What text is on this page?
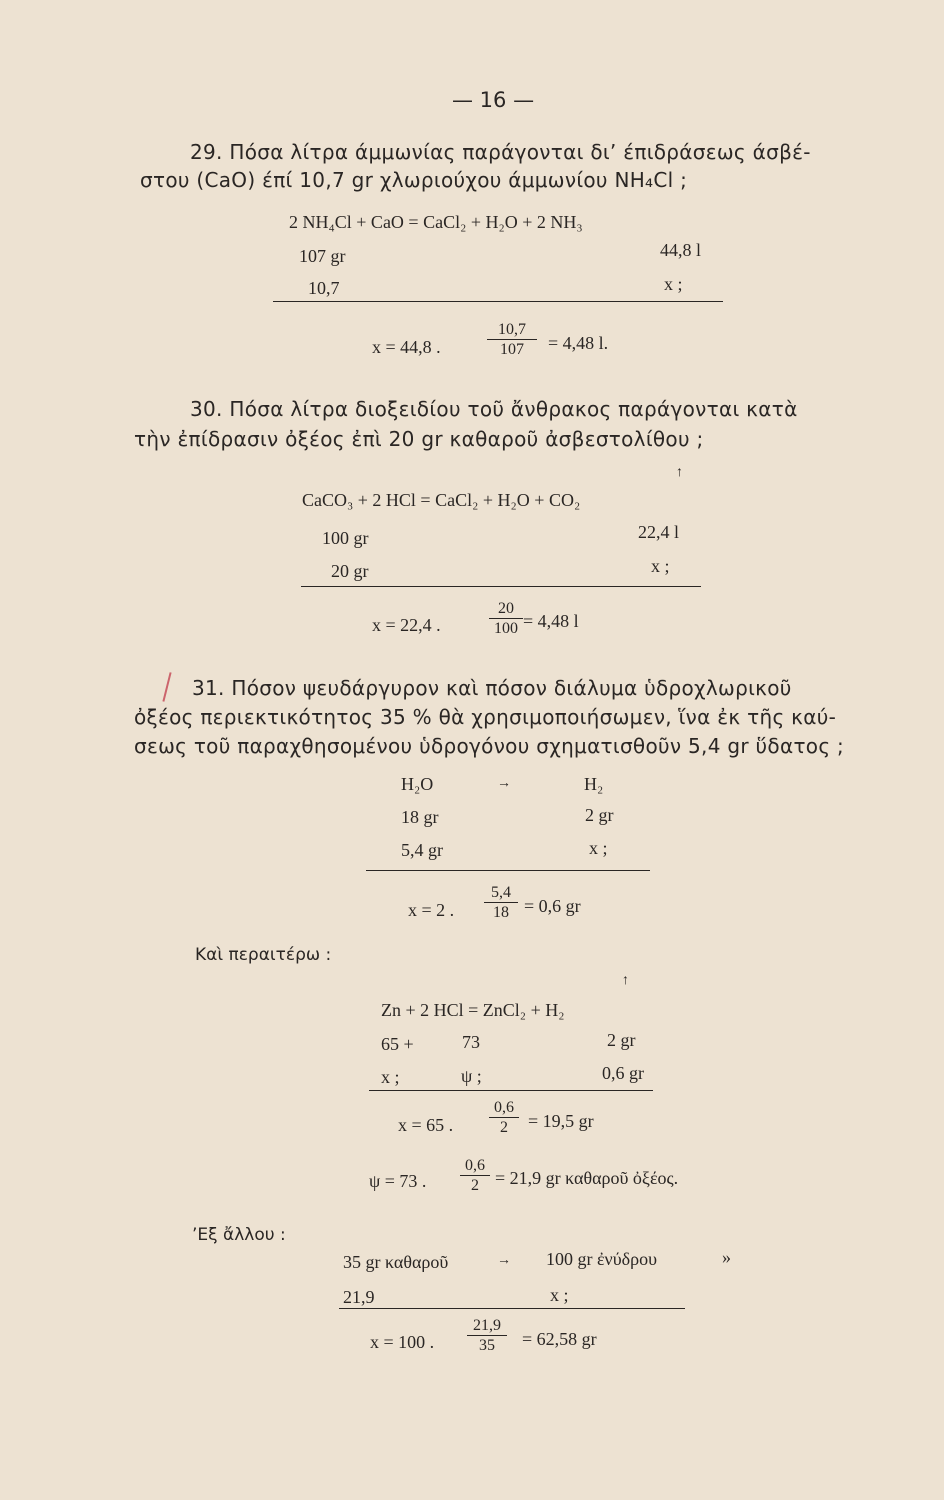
— 16 —
29. Πόσα λίτρα άμμωνίας παράγονται δι’ έπιδράσεως άσβέ-
στου (CaO) έπί 10,7 gr χλωριούχου άμμωνίου NH₄Cl ;
2 NH₄Cl + CaO = CaCl₂ + H₂O + 2 NH₃
107 gr	44,8 l
10,7	x ;
x = 44,8 .	$\frac{10,7}{107} = 4,48$ l.
30. Πόσα λίτρα διοξειδίου τοῦ ἄνθρακος παράγονται κατὰ
τὴν ἐπίδρασιν ὀξέος ἐπὶ 20 gr καθαροῦ ἀσβεστολίθου ;
↑
CaCO₃ + 2 HCl = CaCl₂ + H₂O + CO₂
100 gr	22,4 l
20 gr	x ;
x = 22,4 .	$\frac{20}{100} = 4,48$ l
31. Πόσον ψευδάργυρον καὶ πόσον διάλυμα ὑδροχλωρικοῦ
ὀξέος περιεκτικότητος 35 % θὰ χρησιμοποιήσωμεν, ἵνα ἐκ τῆς καύ-
σεως τοῦ παραχθησομένου ὑδρογόνου σχηματισθοῦν 5,4 gr ὕδατος ;
H₂O	→	H₂
18 gr	2 gr
5,4 gr	x ;
x = 2 . $\frac{5,4}{18} = 0,6$ gr
Καὶ περαιτέρω :
↑
Zn + 2 HCl = ZnCl₂ + H₂
65 +	73	2 gr
x ;	ψ ;	0,6 gr
x = 65 . $\frac{0,6}{2} = 19,5$ gr
ψ = 73 . $\frac{0,6}{2} = 21,9$ gr καθαροῦ ὀξέος.
’Εξ ἄλλου :
35 gr καθαροῦ	→ 100 gr ἐνύδρου	»
21,9	x ;
x = 100 . $\frac{21,9}{35} = 62,58$ gr
